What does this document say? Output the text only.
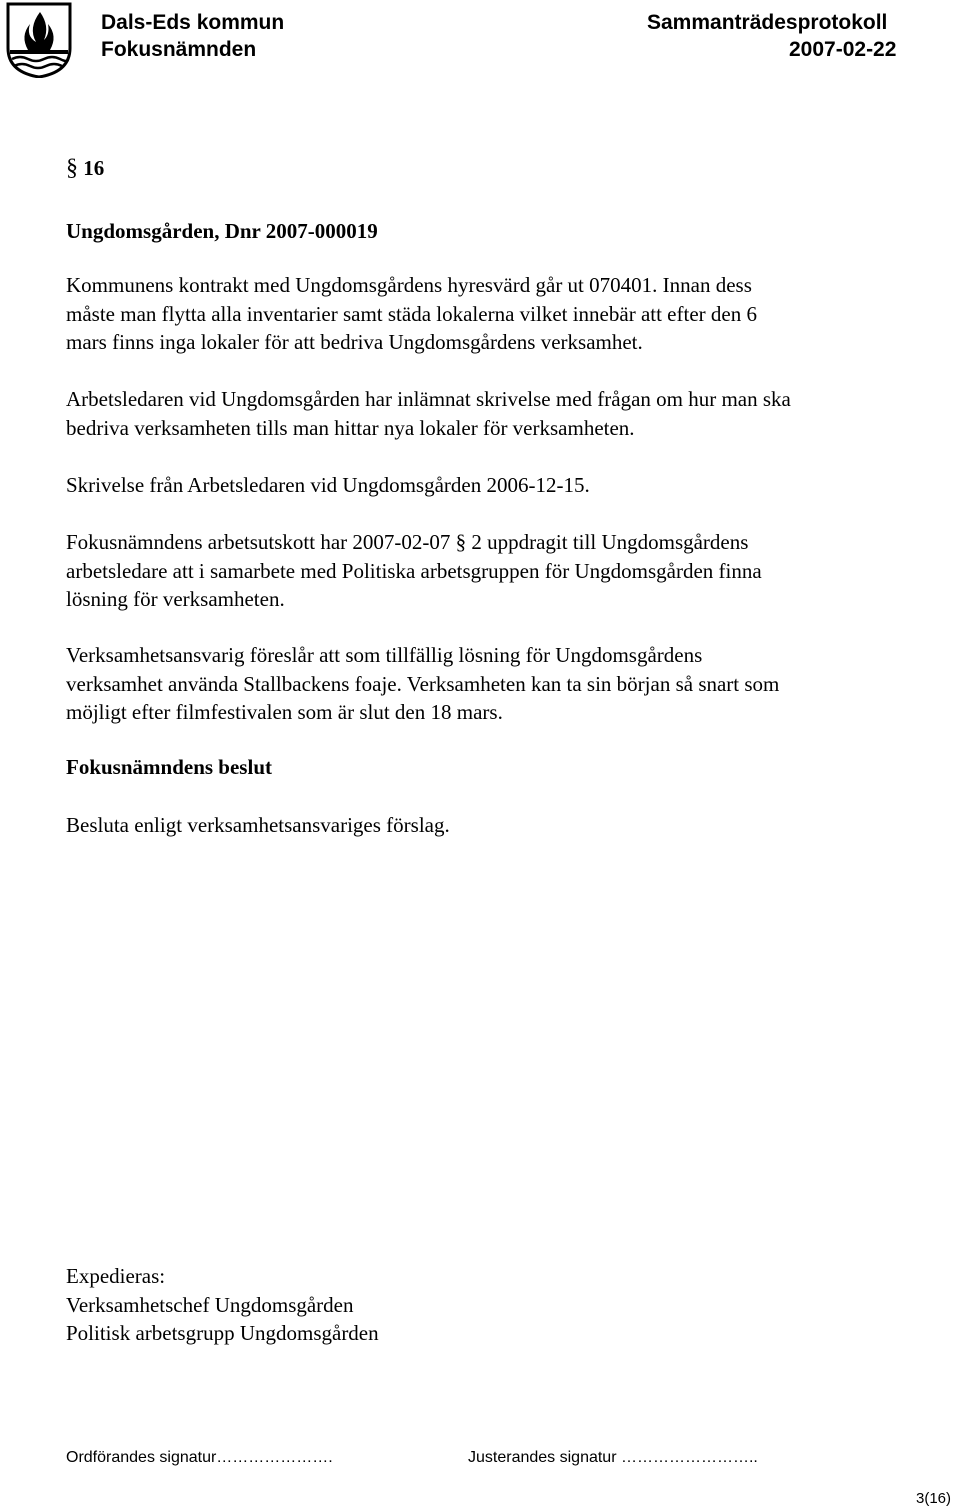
Dals-Eds kommun
Fokusnämnden
Sammanträdesprotokoll
2007-02-22
§ 16
Ungdomsgården, Dnr 2007-000019

Kommunens kontrakt med Ungdomsgårdens hyresvärd går ut 070401. Innan dess

måste man flytta alla inventarier samt städa lokalerna vilket innebär att efter den 6

mars finns inga lokaler för att bedriva Ungdomsgårdens verksamhet.

Arbetsledaren vid Ungdomsgården har inlämnat skrivelse med frågan om hur man ska

bedriva verksamheten tills man hittar nya lokaler för verksamheten.

Skrivelse från Arbetsledaren vid Ungdomsgården 2006-12-15.

Fokusnämndens arbetsutskott har 2007-02-07 § 2 uppdragit till Ungdomsgårdens

arbetsledare att i samarbete med Politiska arbetsgruppen för Ungdomsgården finna

lösning för verksamheten.

Verksamhetsansvarig föreslår att som tillfällig lösning för Ungdomsgårdens

verksamhet använda Stallbackens foaje. Verksamheten kan ta sin början så snart som

möjligt efter filmfestivalen som är slut den 18 mars.

Fokusnämndens beslut
Besluta enligt verksamhetsansvariges förslag.

Expedieras:

Verksamhetschef Ungdomsgården

Politisk arbetsgrupp Ungdomsgården

Ordförandes signatur………………….	Justerandes signatur ……………………..
3(16)
